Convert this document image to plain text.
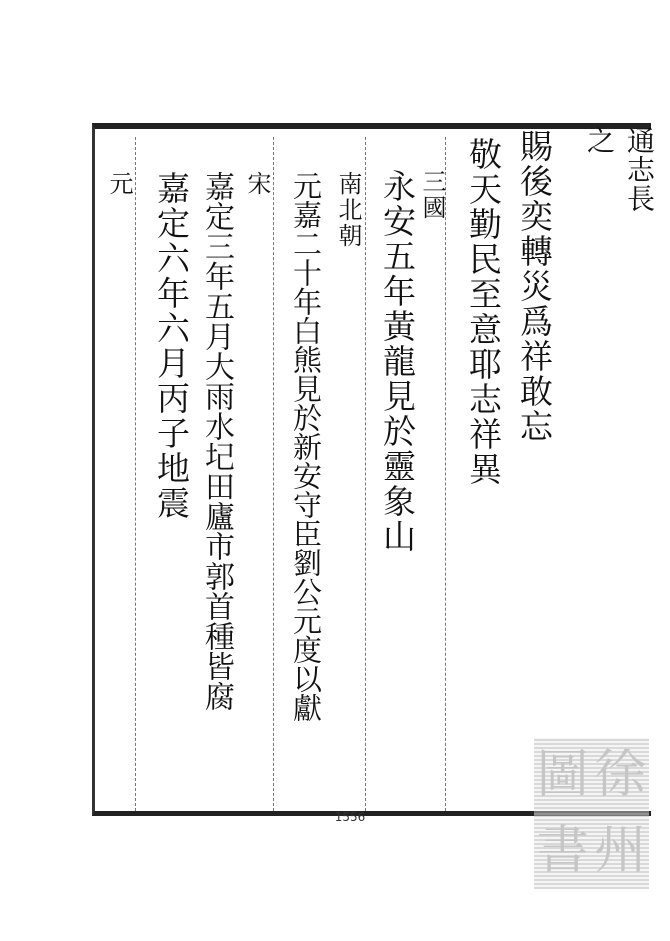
通志長之
賜後奕轉災爲祥敢忘
敬天勤民至意耶志祥異
三國
永安五年黃龍見於靈象山
南北朝
元嘉二十年白熊見於新安守臣劉公元度以獻
宋
嘉定三年五月大雨水圮田廬市郭首種皆腐
嘉定六年六月丙子地震
元
1556
徐
州
圖
書
